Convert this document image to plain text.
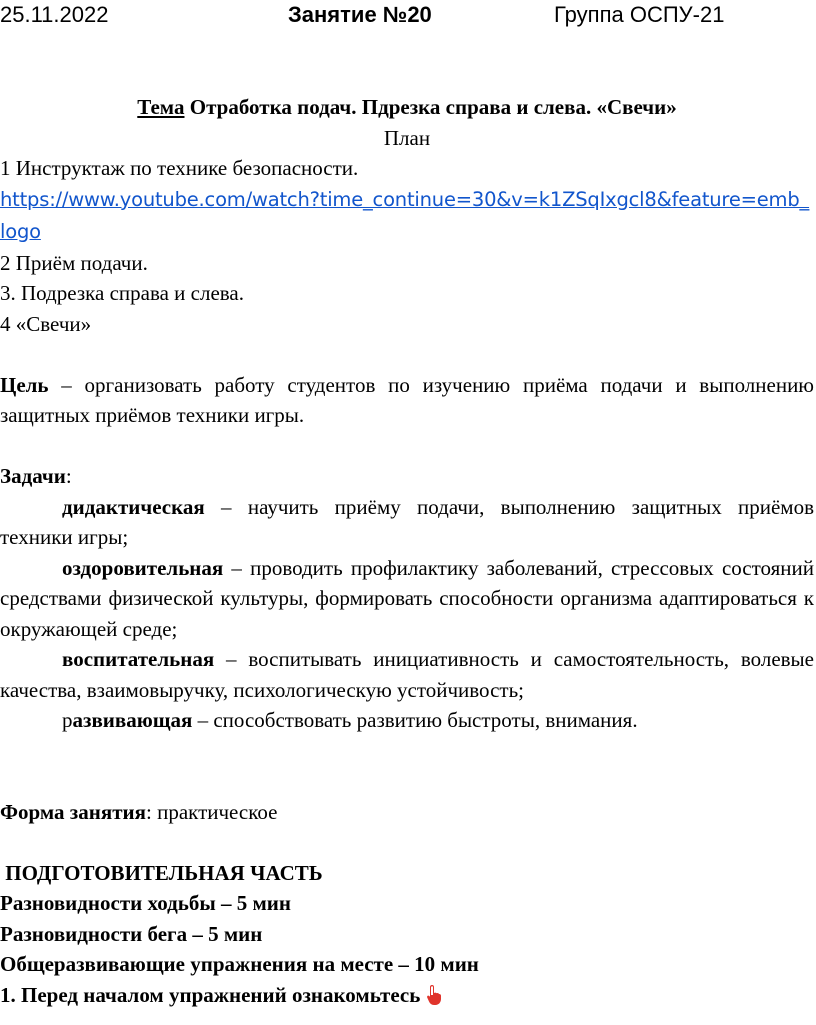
25.11.2022	Занятие №20	Группа ОСПУ-21

Тема Отработка подач. Пдрезка справа и слева. «Свечи»

План

1 Инструктаж по технике безопасности.

https://www.youtube.com/watch?time_continue=30&v=k1ZSqIxgcl8&feature=emb_logo

2 Приём подачи.

3. Подрезка справа и слева.

4 «Свечи»

Цель – организовать работу студентов по изучению приёма подачи и выполнению защитных приёмов техники игры.

Задачи:

дидактическая – научить приёму подачи, выполнению защитных приёмов техники игры;

оздоровительная – проводить профилактику заболеваний, стрессовых состояний средствами физической культуры, формировать способности организма адаптироваться к окружающей среде;

воспитательная – воспитывать инициативность и самостоятельность, волевые качества, взаимовыручку, психологическую устойчивость;

развивающая – способствовать развитию быстроты, внимания.

Форма занятия: практическое

ПОДГОТОВИТЕЛЬНАЯ ЧАСТЬ

Разновидности ходьбы – 5 мин

Разновидности бега – 5 мин

Общеразвивающие упражнения на месте – 10 мин

1. Перед началом упражнений ознакомьтесь
